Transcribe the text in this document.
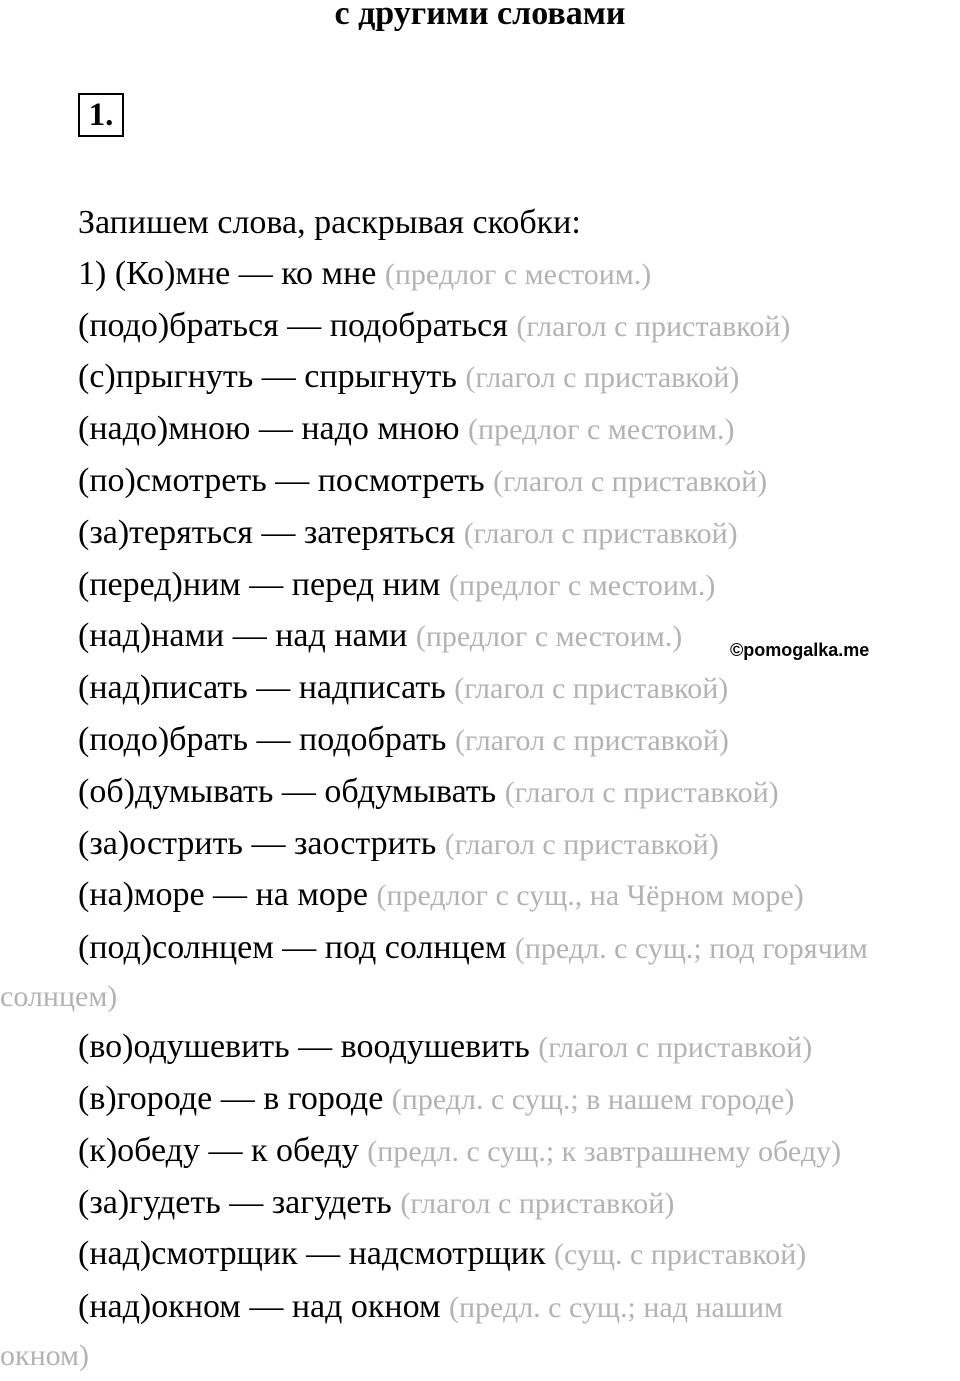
с другими словами
1.
Запишем слова, раскрывая скобки:
1) (Ко)мне — ко мне (предлог с местоим.)
(подо)браться — подобраться (глагол с приставкой)
(с)прыгнуть — спрыгнуть (глагол с приставкой)
(надо)мною — надо мною (предлог с местоим.)
(по)смотреть — посмотреть (глагол с приставкой)
(за)теряться — затеряться (глагол с приставкой)
(перед)ним — перед ним (предлог с местоим.)
(над)нами — над нами (предлог с местоим.)
(над)писать — надписать (глагол с приставкой)
(подо)брать — подобрать (глагол с приставкой)
(об)думывать — обдумывать (глагол с приставкой)
(за)острить — заострить (глагол с приставкой)
(на)море — на море (предлог с сущ., на Чёрном море)
(под)солнцем — под солнцем (предл. с сущ.; под горячим солнцем)
(во)одушевить — воодушевить (глагол с приставкой)
(в)городе — в городе (предл. с сущ.; в нашем городе)
(к)обеду — к обеду (предл. с сущ.; к завтрашнему обеду)
(за)гудеть — загудеть (глагол с приставкой)
(над)смотрщик — надсмотрщик (сущ. с приставкой)
(над)окном — над окном (предл. с сущ.; над нашим окном)
©pomogalka.me
